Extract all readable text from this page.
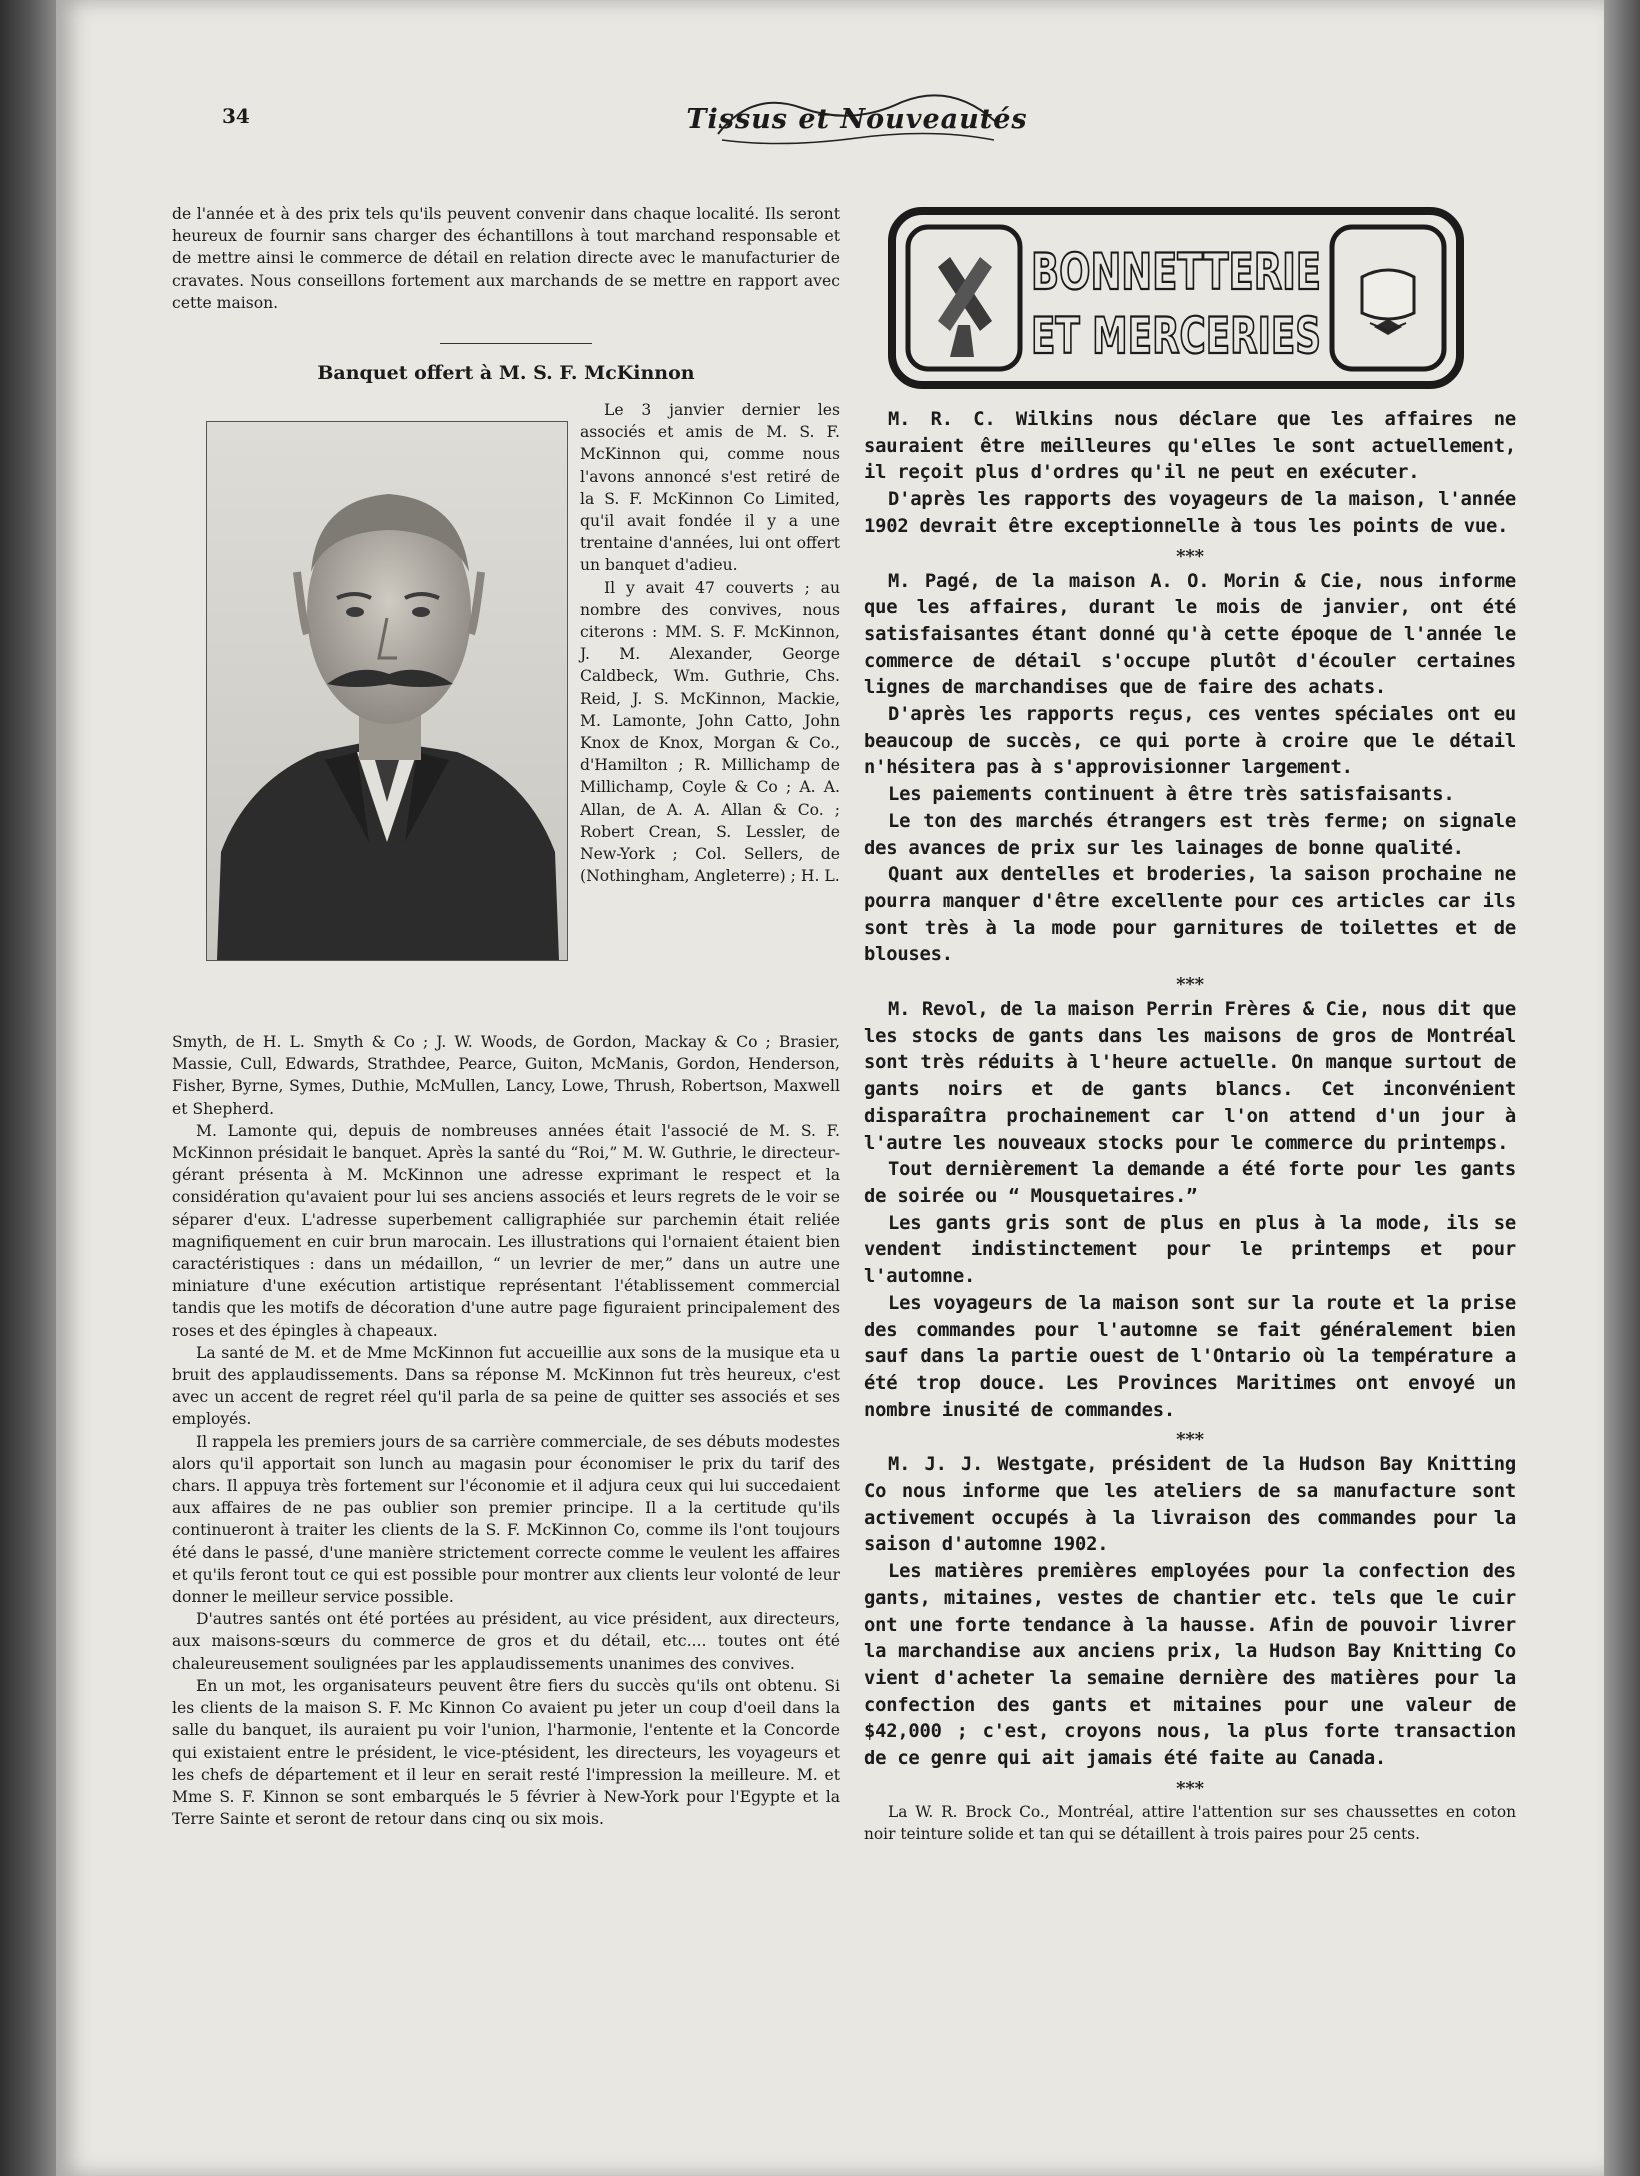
34	Tissus et Nouveautés

de l'année et à des prix tels qu'ils peuvent convenir dans chaque localité. Ils seront heureux de fournir sans charger des échantillons à tout marchand responsable et de mettre ainsi le commerce de détail en relation directe avec le manufacturier de cravates. Nous conseillons fortement aux marchands de se mettre en rapport avec cette maison.

Banquet offert à M. S. F. McKinnon

Le 3 janvier dernier les associés et amis de M. S. F. McKinnon qui, comme nous l'avons annoncé s'est retiré de la S. F. McKinnon Co Limited, qu'il avait fondée il y a une trentaine d'années, lui ont offert un banquet d'adieu.

Il y avait 47 couverts ; au nombre des convives, nous citerons : MM. S. F. McKinnon, J. M. Alexander, George Caldbeck, Wm. Guthrie, Chs. Reid, J. S. McKinnon, Mackie, M. Lamonte, John Catto, John Knox de Knox, Morgan & Co., d'Hamilton ; R. Millichamp de Millichamp, Coyle & Co ; A. A. Allan, de A. A. Allan & Co. ; Robert Crean, S. Lessler, de New-York ; Col. Sellers, de (Nothingham, Angleterre) ; H. L.

Smyth, de H. L. Smyth & Co ; J. W. Woods, de Gordon, Mackay & Co ; Brasier, Massie, Cull, Edwards, Strathdee, Pearce, Guiton, McManis, Gordon, Henderson, Fisher, Byrne, Symes, Duthie, McMullen, Lancy, Lowe, Thrush, Robertson, Maxwell et Shepherd.

M. Lamonte qui, depuis de nombreuses années était l'associé de M. S. F. McKinnon présidait le banquet. Après la santé du “Roi,” M. W. Guthrie, le directeur-gérant présenta à M. McKinnon une adresse exprimant le respect et la considération qu'avaient pour lui ses anciens associés et leurs regrets de le voir se séparer d'eux. L'adresse superbement calligraphiée sur parchemin était reliée magnifiquement en cuir brun marocain. Les illustrations qui l'ornaient étaient bien caractéristiques : dans un médaillon, “ un levrier de mer,” dans un autre une miniature d'une exécution artistique représentant l'établissement commercial tandis que les motifs de décoration d'une autre page figuraient principalement des roses et des épingles à chapeaux.

La santé de M. et de Mme McKinnon fut accueillie aux sons de la musique eta u bruit des applaudissements. Dans sa réponse M. McKinnon fut très heureux, c'est avec un accent de regret réel qu'il parla de sa peine de quitter ses associés et ses employés.

Il rappela les premiers jours de sa carrière commerciale, de ses débuts modestes alors qu'il apportait son lunch au magasin pour économiser le prix du tarif des chars. Il appuya très fortement sur l'économie et il adjura ceux qui lui succedaient aux affaires de ne pas oublier son premier principe. Il a la certitude qu'ils continueront à traiter les clients de la S. F. McKinnon Co, comme ils l'ont toujours été dans le passé, d'une manière strictement correcte comme le veulent les affaires et qu'ils feront tout ce qui est possible pour montrer aux clients leur volonté de leur donner le meilleur service possible.

D'autres santés ont été portées au président, au vice président, aux directeurs, aux maisons-sœurs du commerce de gros et du détail, etc.... toutes ont été chaleureusement soulignées par les applaudissements unanimes des convives.

En un mot, les organisateurs peuvent être fiers du succès qu'ils ont obtenu. Si les clients de la maison S. F. Mc Kinnon Co avaient pu jeter un coup d'oeil dans la salle du banquet, ils auraient pu voir l'union, l'harmonie, l'entente et la Concorde qui existaient entre le président, le vice-ptésident, les directeurs, les voyageurs et les chefs de département et il leur en serait resté l'impression la meilleure. M. et Mme S. F. Kinnon se sont embarqués le 5 février à New-York pour l'Egypte et la Terre Sainte et seront de retour dans cinq ou six mois.

BONNETTERIE
ET MERCERIES

M. R. C. Wilkins nous déclare que les affaires ne sauraient être meilleures qu'elles le sont actuellement, il reçoit plus d'ordres qu'il ne peut en exécuter.

D'après les rapports des voyageurs de la maison, l'année 1902 devrait être exceptionnelle à tous les points de vue.

***

M. Pagé, de la maison A. O. Morin & Cie, nous informe que les affaires, durant le mois de janvier, ont été satisfaisantes étant donné qu'à cette époque de l'année le commerce de détail s'occupe plutôt d'écouler certaines lignes de marchandises que de faire des achats.

D'après les rapports reçus, ces ventes spéciales ont eu beaucoup de succès, ce qui porte à croire que le détail n'hésitera pas à s'approvisionner largement.

Les paiements continuent à être très satisfaisants.

Le ton des marchés étrangers est très ferme; on signale des avances de prix sur les lainages de bonne qualité.

Quant aux dentelles et broderies, la saison prochaine ne pourra manquer d'être excellente pour ces articles car ils sont très à la mode pour garnitures de toilettes et de blouses.

***

M. Revol, de la maison Perrin Frères & Cie, nous dit que les stocks de gants dans les maisons de gros de Montréal sont très réduits à l'heure actuelle. On manque surtout de gants noirs et de gants blancs. Cet inconvénient disparaîtra prochainement car l'on attend d'un jour à l'autre les nouveaux stocks pour le commerce du printemps.

Tout dernièrement la demande a été forte pour les gants de soirée ou “ Mousquetaires.”

Les gants gris sont de plus en plus à la mode, ils se vendent indistinctement pour le printemps et pour l'automne.

Les voyageurs de la maison sont sur la route et la prise des commandes pour l'automne se fait généralement bien sauf dans la partie ouest de l'Ontario où la température a été trop douce. Les Provinces Maritimes ont envoyé un nombre inusité de commandes.

***

M. J. J. Westgate, président de la Hudson Bay Knitting Co nous informe que les ateliers de sa manufacture sont activement occupés à la livraison des commandes pour la saison d'automne 1902.

Les matières premières employées pour la confection des gants, mitaines, vestes de chantier etc. tels que le cuir ont une forte tendance à la hausse. Afin de pouvoir livrer la marchandise aux anciens prix, la Hudson Bay Knitting Co vient d'acheter la semaine dernière des matières pour la confection des gants et mitaines pour une valeur de $42,000 ; c'est, croyons nous, la plus forte transaction de ce genre qui ait jamais été faite au Canada.

***

La W. R. Brock Co., Montréal, attire l'attention sur ses chaussettes en coton noir teinture solide et tan qui se détaillent à trois paires pour 25 cents.
